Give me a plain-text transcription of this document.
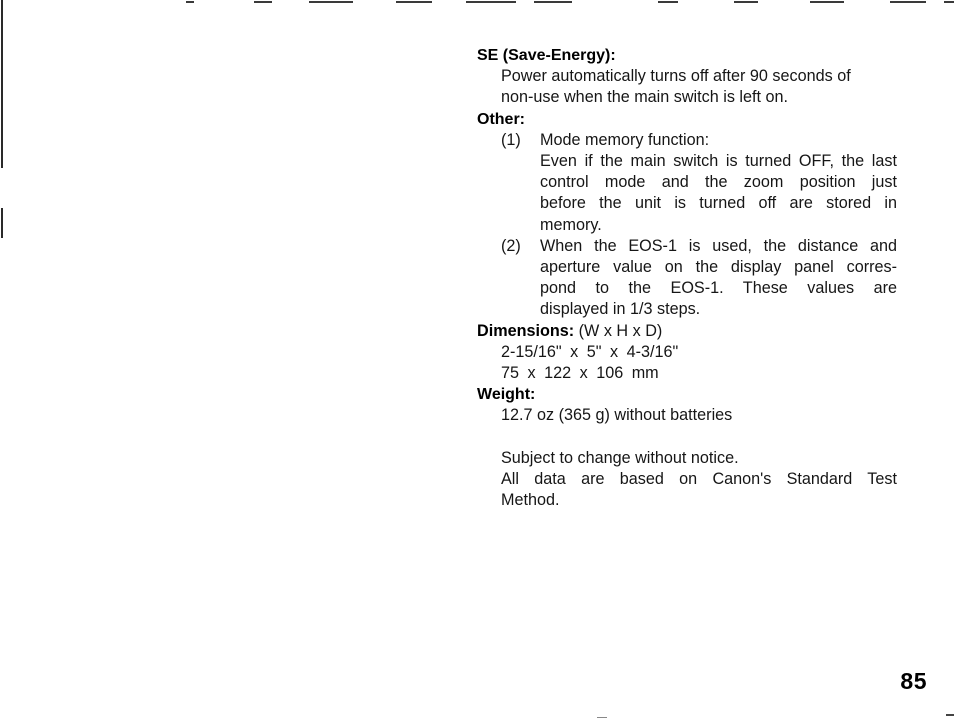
SE (Save-Energy):
Power automatically turns off after 90 seconds of
non-use when the main switch is left on.
Other:
(1) Mode memory function:
Even if the main switch is turned OFF, the last
control mode and the zoom position just
before the unit is turned off are stored in
memory.
(2) When the EOS-1 is used, the distance and
aperture value on the display panel corres-
pond to the EOS-1. These values are
displayed in 1/3 steps.
Dimensions: (W x H x D)
2-15/16" x 5" x 4-3/16"
75 x 122 x 106 mm
Weight:
12.7 oz (365 g) without batteries
Subject to change without notice.
All data are based on Canon's Standard Test
Method.
85
